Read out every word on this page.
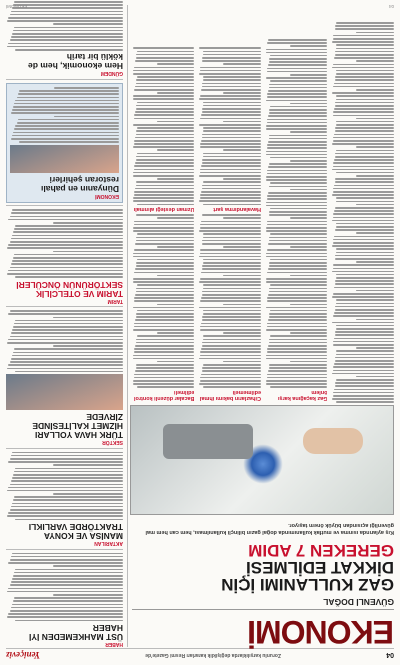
04
Zorunlu karşılıklarda değişiklik kararları Resmi Gazete'de
Yeniçeviz
EKONOMİ
GÜVENLİ DOĞAL
GAZ KULLANIMI İÇİN
DİKKAT EDİLMESİ
GEREKEN 7 ADIM
Kış aylarında ısınma ve mutfak kullanımında doğal gazın bilinçli kullanılması, hem can hem mal güvenliği açısından büyük önem taşıyor.
Gaz kaçağına karşı önlem
Cihazların bakımı ihmal edilmemeli
Havalandırma şart
Bacalar düzenli kontrol edilmeli
Uzman desteği alınmalı
HABER
ÜST MAHKEMEDEN İYİ HABER
AKTARILAN
MANİSA VE KONYA TRAKTÖRDE VARLIKLI
SEKTÖR
TÜRK HAVA YOLLARI HİZMET KALİTESİNDE ZİRVEDE
TARIM
TARIM VE OTELCİLİK SEKTÖRÜNÜN ÖNCÜLERİ
EKONOMİ
Dünyanın en pahalı restoran şehirleri
GÜNDEM
Hem ekonomik, hem de köklü bir tarih
04
EKONOMİ
